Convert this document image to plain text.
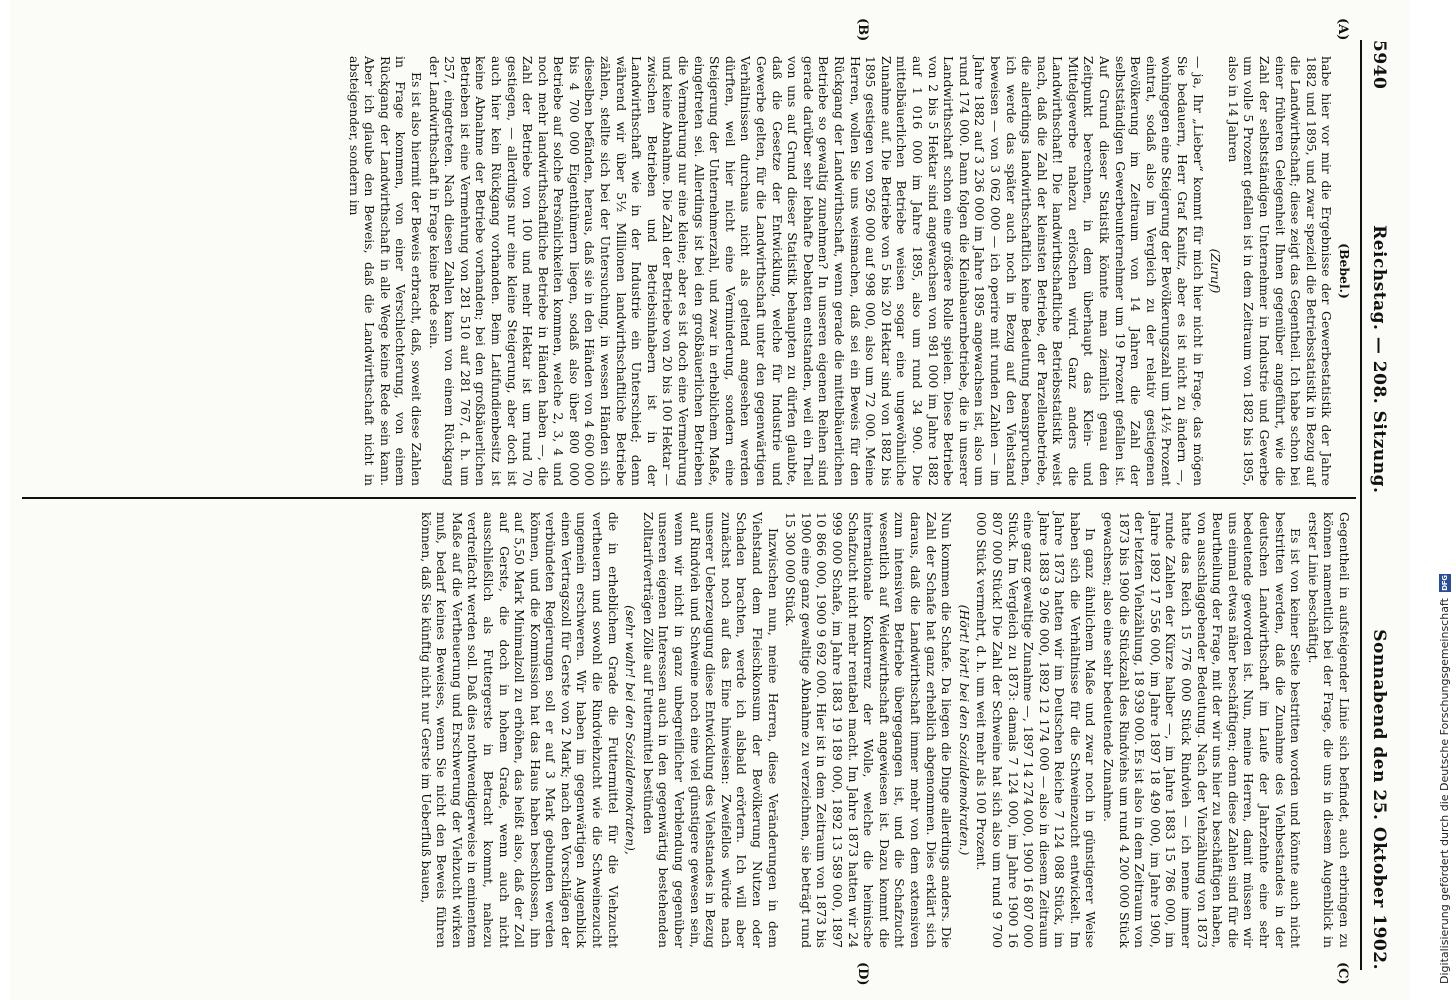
5940
Reichstag. — 208. Sitzung.
Sonnabend den 25. Oktober 1902.
(A)
(B)
(C)
(D)

(Bebel.)

habe hier vor mir die Ergebnisse der Gewerbestatistik der Jahre 1882 und 1895, und zwar speziell die Betriebsstatistik in Bezug auf die Landwirthschaft; diese zeigt das Gegentheil. Ich habe schon bei einer früheren Gelegenheit Ihnen gegenüber angeführt, wie die Zahl der selbstständigen Unternehmer in Industrie und Gewerbe um volle 5 Prozent gefallen ist in dem Zeitraum von 1882 bis 1895, also in 14 Jahren

(Zuruf)

— ja, Ihr „Lieber“ kommt für mich hier nicht in Frage, das mögen Sie bedauern, Herr Graf Kanitz, aber es ist nicht zu ändern —, wohingegen eine Steigerung der Bevölkerungszahl um 14½ Prozent eintrat, sodaß also im Vergleich zu der relativ gestiegenen Bevölkerung im Zeitraum von 14 Jahren die Zahl der selbstständigen Gewerbeunternehmer um 19 Prozent gefallen ist. Auf Grund dieser Statistik könnte man ziemlich genau den Zeitpunkt berechnen, in dem überhaupt das Klein- und Mittelgewerbe nahezu erlöschen wird. Ganz anders die Landwirthschaft! Die landwirthschaftliche Betriebsstatistik weist nach, daß die Zahl der kleinsten Betriebe, der Parzellenbetriebe, die allerdings landwirthschaftlich keine Bedeutung beanspruchen, ich werde das später auch noch in Bezug auf den Viehstand beweisen — von 3 062 000 — ich operire mit runden Zahlen — im Jahre 1882 auf 3 236 000 im Jahre 1895 angewachsen ist, also um rund 174 000. Dann folgen die Kleinbauernbetriebe, die in unserer Landwirthschaft schon eine größere Rolle spielen. Diese Betriebe von 2 bis 5 Hektar sind angewachsen von 981 000 im Jahre 1882 auf 1 016 000 im Jahre 1895, also um rund 34 900. Die mittelbäuerlichen Betriebe weisen sogar eine ungewöhnliche Zunahme auf. Die Betriebe von 5 bis 20 Hektar sind von 1882 bis 1895 gestiegen von 926 000 auf 998 000, also um 72 000. Meine Herren, wollen Sie uns weismachen, daß sei ein Beweis für den Rückgang der Landwirthschaft, wenn gerade die mittelbäuerlichen Betriebe so gewaltig zunehmen? In unseren eigenen Reihen sind gerade darüber sehr lebhafte Debatten entstanden, weil ein Theil von uns auf Grund dieser Statistik behaupten zu dürfen glaubte, daß die Gesetze der Entwicklung, welche für Industrie und Gewerbe gelten, für die Landwirthschaft unter den gegenwärtigen Verhältnissen durchaus nicht als geltend angesehen werden dürften, weil hier nicht eine Verminderung, sondern eine Steigerung der Unternehmerzahl, und zwar in erheblichem Maße, eingetreten sei. Allerdings ist bei den großbäuerlichen Betrieben die Vermehrung nur eine kleine; aber es ist doch eine Vermehrung und keine Abnahme. Die Zahl der Betriebe von 20 bis 100 Hektar — zwischen Betrieben und Betriebsinhabern ist in der Landwirthschaft wie in der Industrie ein Unterschied; denn während wir über 5½ Millionen landwirthschaftliche Betriebe zählen, stellte sich bei der Untersuchung, in wessen Händen sich dieselben befänden, heraus, daß sie in den Händen von 4 600 000 bis 4 700 000 Eigenthümern liegen, sodaß also über 800 000 Betriebe auf solche Persönlichkeiten kommen, welche 2, 3, 4 und noch mehr landwirthschaftliche Betriebe in Händen haben —, die Zahl der Betriebe von 100 und mehr Hektar ist um rund 70 gestiegen, — allerdings nur eine kleine Steigerung, aber doch ist auch hier kein Rückgang vorhanden. Beim Latifundienbesitz ist keine Abnahme der Betriebe vorhanden; bei den großbäuerlichen Betrieben ist eine Vermehrung von 281 510 auf 281 767, d. h. um 257, eingetreten. Nach diesen Zahlen kann von einem Rückgang der Landwirthschaft in Frage keine Rede sein.

Es ist also hiermit der Beweis erbracht, daß, soweit diese Zahlen in Frage kommen, von einer Verschlechterung, von einem Rückgang der Landwirthschaft in alle Wege keine Rede sein kann. Aber ich glaube den Beweis, daß die Landwirthschaft nicht in absteigender, sondern im

Gegentheil in aufsteigender Linie sich befindet, auch erbringen zu können namentlich bei der Frage, die uns in diesem Augenblick in erster Linie beschäftigt.

Es ist von keiner Seite bestritten worden und könnte auch nicht bestritten werden, daß die Zunahme des Viehbestandes in der deutschen Landwirthschaft im Laufe der Jahrzehnte eine sehr bedeutende geworden ist. Nun, meine Herren, damit müssen wir uns einmal etwas näher beschäftigen; denn diese Zahlen sind für die Beurtheilung der Frage, mit der wir uns hier zu beschäftigen haben, von ausschlaggebender Bedeutung. Nach der Viehzählung von 1873 hatte das Reich 15 776 000 Stück Rindvieh — ich nenne immer runde Zahlen der Kürze halber —, im Jahre 1883 15 786 000, im Jahre 1892 17 556 000, im Jahre 1897 18 490 000, im Jahre 1900, der letzten Viehzählung, 18 939 000. Es ist also in dem Zeitraum von 1873 bis 1900 die Stückzahl des Rindviehs um rund 4 200 000 Stück gewachsen; also eine sehr bedeutende Zunahme.

In ganz ähnlichem Maße und zwar noch in günstigerer Weise haben sich die Verhältnisse für die Schweinezucht entwickelt. Im Jahre 1873 hatten wir im Deutschen Reiche 7 124 088 Stück, im Jahre 1883 9 206 000, 1892 12 174 000 — also in diesem Zeitraum eine ganz gewaltige Zunahme —, 1897 14 274 000, 1900 16 807 000 Stück. Im Vergleich zu 1873: damals 7 124 000, im Jahre 1900 16 807 000 Stück! Die Zahl der Schweine hat sich also um rund 9 700 000 Stück vermehrt, d. h. um weit mehr als 100 Prozent.

(Hört! hört! bei den Sozialdemokraten.)

Nun kommen die Schafe. Da liegen die Dinge allerdings anders. Die Zahl der Schafe hat ganz erheblich abgenommen. Dies erklärt sich daraus, daß die Landwirthschaft immer mehr von dem extensiven zum intensiven Betriebe übergegangen ist, und die Schafzucht wesentlich auf Weidewirthschaft angewiesen ist. Dazu kommt die internationale Konkurrenz der Wolle, welche die heimische Schafzucht nicht mehr rentabel macht. Im Jahre 1873 hatten wir 24 999 000 Schafe, im Jahre 1883 19 189 000, 1892 13 589 000, 1897 10 866 000, 1900 9 692 000. Hier ist in dem Zeitraum von 1873 bis 1900 eine ganz gewaltige Abnahme zu verzeichnen, sie beträgt rund 15 300 000 Stück.

Inzwischen nun, meine Herren, diese Veränderungen in dem Viehstand dem Fleischkonsum der Bevölkerung Nutzen oder Schaden brachten, werde ich alsbald erörtern. Ich will aber zunächst noch auf das Eine hinweisen: Zweifellos würde nach unserer Ueberzeugung diese Entwicklung des Viehstandes in Bezug auf Rindvieh und Schweine noch eine viel günstigere gewesen sein, wenn wir nicht in ganz unbegreiflicher Verblendung gegenüber unseren eigenen Interessen auch in den gegenwärtig bestehenden Zolltarifverträgen Zölle auf Futtermittel bestünden

(sehr wahr! bei den Sozialdemokraten),

die in erheblichem Grade die Futtermittel für die Viehzucht vertheuern und sowohl die Rindviehzucht wie die Schweinezucht ungemein erschweren. Wir haben im gegenwärtigen Augenblick einen Vertragszoll für Gerste von 2 Mark; nach den Vorschlägen der verbündeten Regierungen soll er auf 3 Mark gebunden werden können, und die Kommission hat das Haus haben beschlossen, ihn auf 5,50 Mark Minimalzoll zu erhöhen, das heißt also, daß der Zoll auf Gerste, die doch in hohem Grade, wenn auch nicht ausschließlich als Futtergerste in Betracht kommt, nahezu verdreifacht werden soll. Daß dies nothwendigerweise in eminentem Maße auf die Vertheuerung und Erschwerung der Viehzucht wirken muß, bedarf keines Beweises, wenn Sie nicht den Beweis führen können, daß Sie künftig nicht nur Gerste im Ueberfluß bauen,	Digitalisierung gefördert durch die Deutsche Forschungsgemeinschaft
DFG
